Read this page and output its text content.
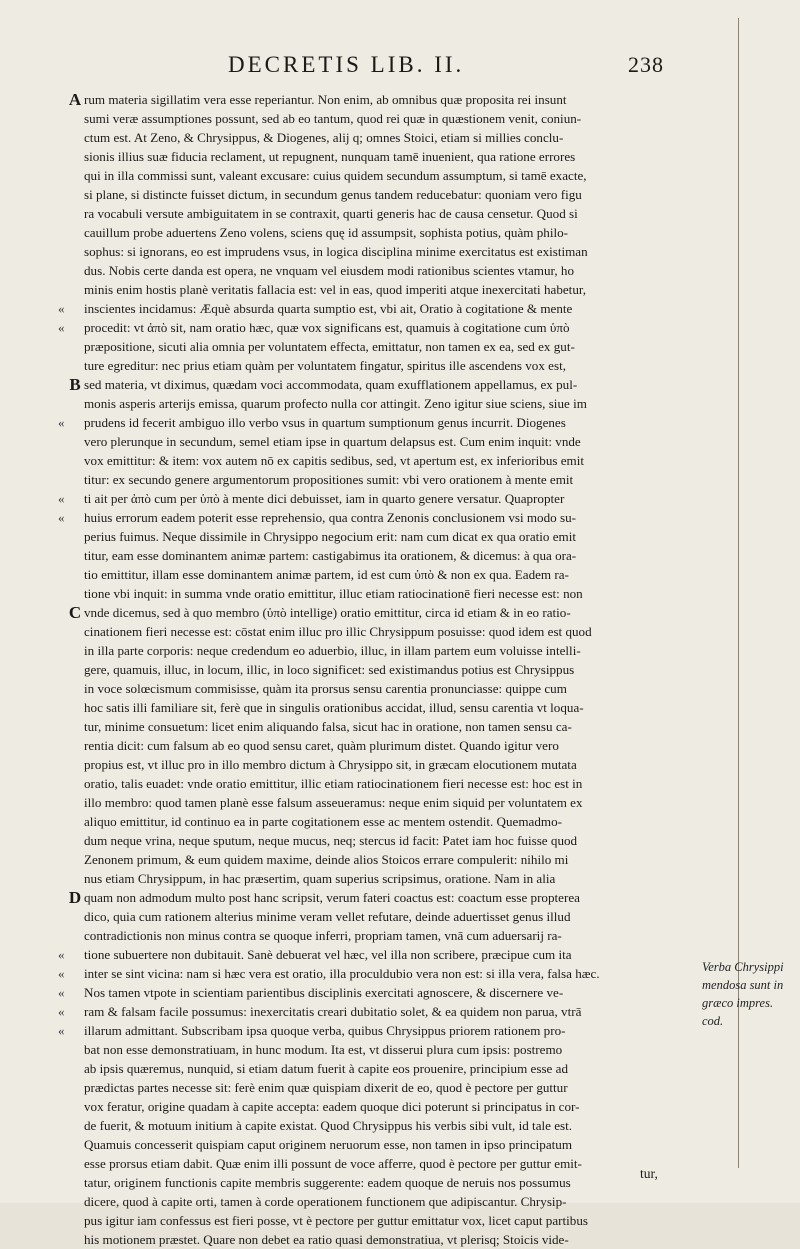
DECRETIS LIB. II.	238
A
B
C
D
«
«
«
«
«
«
«
«
«
«
rum materia sigillatim vera esse reperiantur. Non enim, ab omnibus quæ proposita rei insunt
sumi veræ assumptiones possunt, sed ab eo tantum, quod rei quæ in quæstionem venit, coniun-
ctum est. At Zeno, & Chrysippus, & Diogenes, alij q; omnes Stoici, etiam si millies conclu-
sionis illius suæ fiducia reclament, ut repugnent, nunquam tamē inuenient, qua ratione errores
qui in illa commissi sunt, valeant excusare: cuius quidem secundum assumptum, si tamē exacte,
si plane, si distincte fuisset dictum, in secundum genus tandem reducebatur: quoniam vero figu
ra vocabuli versute ambiguitatem in se contraxit, quarti generis hac de causa censetur. Quod si
cauillum probe aduertens Zeno volens, sciens quę id assumpsit, sophista potius, quàm philo-
sophus: si ignorans, eo est imprudens vsus, in logica disciplina minime exercitatus est existiman
dus. Nobis certe danda est opera, ne vnquam vel eiusdem modi rationibus scientes vtamur, ho
minis enim hostis planè veritatis fallacia est: vel in eas, quod imperiti atque inexercitati habetur,
inscientes incidamus: Æquè absurda quarta sumptio est, vbi ait, Oratio à cogitatione & mente
procedit: vt ἀπὸ sit, nam oratio hæc, quæ vox significans est, quamuis à cogitatione cum ὑπὸ
præpositione, sicuti alia omnia per voluntatem effecta, emittatur, non tamen ex ea, sed ex gut-
ture egreditur: nec prius etiam quàm per voluntatem fingatur, spiritus ille ascendens vox est,
sed materia, vt diximus, quædam voci accommodata, quam exufflationem appellamus, ex pul-
monis asperis arterijs emissa, quarum profecto nulla cor attingit. Zeno igitur siue sciens, siue im
prudens id fecerit ambiguo illo verbo vsus in quartum sumptionum genus incurrit. Diogenes
vero plerunque in secundum, semel etiam ipse in quartum delapsus est. Cum enim inquit: vnde
vox emittitur: & item: vox autem nō ex capitis sedibus, sed, vt apertum est, ex inferioribus emit
titur: ex secundo genere argumentorum propositiones sumit: vbi vero orationem à mente emit
ti ait per ἀπὸ cum per ὑπὸ à mente dici debuisset, iam in quarto genere versatur. Quapropter
huius errorum eadem poterit esse reprehensio, qua contra Zenonis conclusionem vsi modo su-
perius fuimus. Neque dissimile in Chrysippo negocium erit: nam cum dicat ex qua oratio emit
titur, eam esse dominantem animæ partem: castigabimus ita orationem, & dicemus: à qua ora-
tio emittitur, illam esse dominantem animæ partem, id est cum ὑπὸ & non ex qua. Eadem ra-
tione vbi inquit: in summa vnde oratio emittitur, illuc etiam ratiocinationē fieri necesse est: non
vnde dicemus, sed à quo membro (ὑπὸ intellige) oratio emittitur, circa id etiam & in eo ratio-
cinationem fieri necesse est: cōstat enim illuc pro illic Chrysippum posuisse: quod idem est quod
in illa parte corporis: neque credendum eo aduerbio, illuc, in illam partem eum voluisse intelli-
gere, quamuis, illuc, in locum, illic, in loco significet: sed existimandus potius est Chrysippus
in voce solœcismum commisisse, quàm ita prorsus sensu carentia pronunciasse: quippe cum
hoc satis illi familiare sit, ferè que in singulis orationibus accidat, illud, sensu carentia vt loqua-
tur, minime consuetum: licet enim aliquando falsa, sicut hac in oratione, non tamen sensu ca-
rentia dicit: cum falsum ab eo quod sensu caret, quàm plurimum distet. Quando igitur vero
propius est, vt illuc pro in illo membro dictum à Chrysippo sit, in græcam elocutionem mutata
oratio, talis euadet: vnde oratio emittitur, illic etiam ratiocinationem fieri necesse est: hoc est in
illo membro: quod tamen planè esse falsum asseueramus: neque enim siquid per voluntatem ex
aliquo emittitur, id continuo ea in parte cogitationem esse ac mentem ostendit. Quemadmo-
dum neque vrina, neque sputum, neque mucus, neq; stercus id facit: Patet iam hoc fuisse quod
Zenonem primum, & eum quidem maxime, deinde alios Stoicos errare compulerit: nihilo mi
nus etiam Chrysippum, in hac præsertim, quam superius scripsimus, oratione. Nam in alia
quam non admodum multo post hanc scripsit, verum fateri coactus est: coactum esse propterea
dico, quia cum rationem alterius minime veram vellet refutare, deinde aduertisset genus illud
contradictionis non minus contra se quoque inferri, propriam tamen, vnā cum aduersarij ra-
tione subuertere non dubitauit. Sanè debuerat vel hæc, vel illa non scribere, præcipue cum ita
inter se sint vicina: nam si hæc vera est oratio, illa proculdubio vera non est: si illa vera, falsa hæc.
Nos tamen vtpote in scientiam parientibus disciplinis exercitati agnoscere, & discernere ve-
ram & falsam facile possumus: inexercitatis creari dubitatio solet, & ea quidem non parua, vtrā
illarum admittant. Subscribam ipsa quoque verba, quibus Chrysippus priorem rationem pro-
bat non esse demonstratiuam, in hunc modum. Ita est, vt disserui plura cum ipsis: postremo
ab ipsis quæremus, nunquid, si etiam datum fuerit à capite eos prouenire, principium esse ad
prædictas partes necesse sit: ferè enim quæ quispiam dixerit de eo, quod è pectore per guttur
vox feratur, origine quadam à capite accepta: eadem quoque dici poterunt si principatus in cor-
de fuerit, & motuum initium à capite existat. Quod Chrysippus his verbis sibi vult, id tale est.
Quamuis concesserit quispiam caput originem neruorum esse, non tamen in ipso principatum
esse prorsus etiam dabit. Quæ enim illi possunt de voce afferre, quod è pectore per guttur emit-
tatur, originem functionis capite membris suggerente: eadem quoque de neruis nos possumus
dicere, quod à capite orti, tamen à corde operationem functionem que adipiscantur. Chrysip-
pus igitur iam confessus est fieri posse, vt è pectore per guttur emittatur vox, licet caput partibus
his motionem præstet. Quare non debet ea ratio quasi demonstratiua, vt plerisq; Stoicis vide-
Verba Chrysippi mendosa sunt in græco impres. cod.
tur,
